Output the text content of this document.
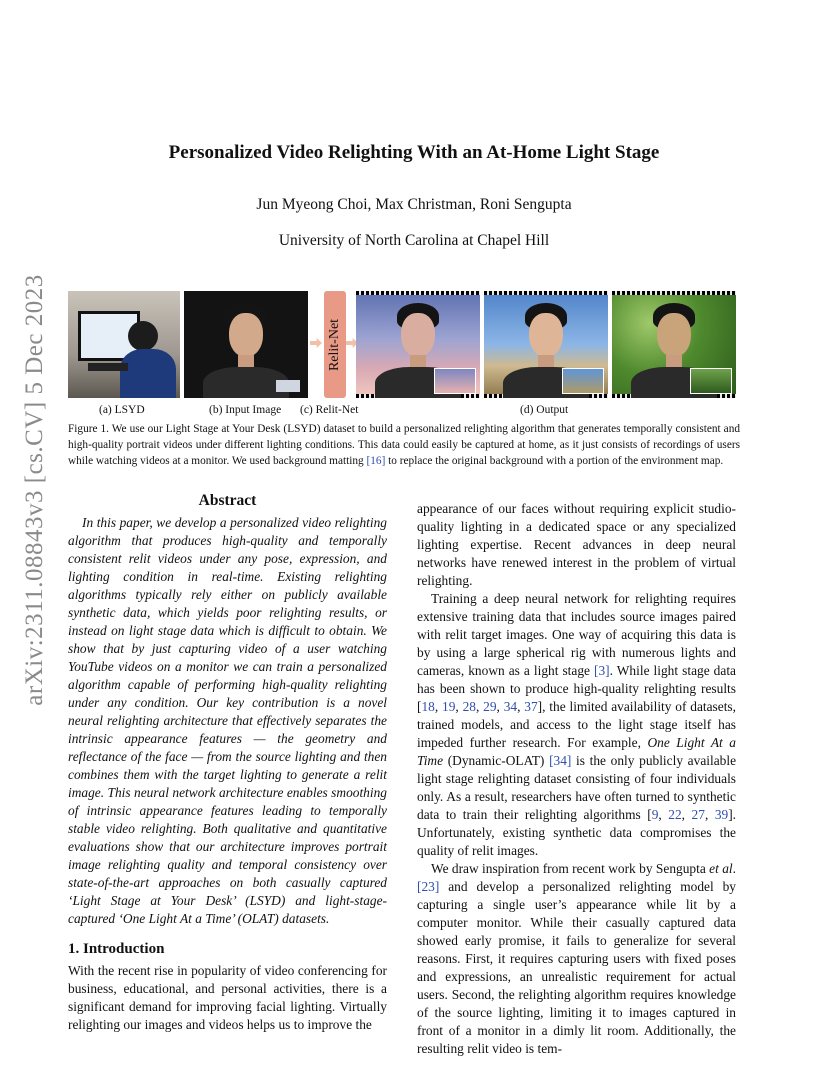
arXiv:2311.08843v3 [cs.CV] 5 Dec 2023
Personalized Video Relighting With an At-Home Light Stage
Jun Myeong Choi, Max Christman, Roni Sengupta
University of North Carolina at Chapel Hill
Relit-Net
(a) LSYD	(b) Input Image (c) Relit-Net	(d) Output
Figure 1. We use our Light Stage at Your Desk (LSYD) dataset to build a personalized relighting algorithm that generates temporally consistent and high-quality portrait videos under different lighting conditions. This data could easily be captured at home, as it just consists of recordings of users while watching videos at a monitor. We used background matting [16] to replace the original background with a portion of the environment map.
Abstract

In this paper, we develop a personalized video relighting algorithm that produces high-quality and temporally consistent relit videos under any pose, expression, and lighting condition in real-time. Existing relighting algorithms typically rely either on publicly available synthetic data, which yields poor relighting results, or instead on light stage data which is difficult to obtain. We show that by just capturing video of a user watching YouTube videos on a monitor we can train a personalized algorithm capable of performing high-quality relighting under any condition. Our key contribution is a novel neural relighting architecture that effectively separates the intrinsic appearance features — the geometry and reflectance of the face — from the source lighting and then combines them with the target lighting to generate a relit image. This neural network architecture enables smoothing of intrinsic appearance features leading to temporally stable video relighting. Both qualitative and quantitative evaluations show that our architecture improves portrait image relighting quality and temporal consistency over state-of-the-art approaches on both casually captured ‘Light Stage at Your Desk’ (LSYD) and light-stage-captured ‘One Light At a Time’ (OLAT) datasets.

1. Introduction

With the recent rise in popularity of video conferencing for business, educational, and personal activities, there is a significant demand for improving facial lighting. Virtually relighting our images and videos helps us to improve the

appearance of our faces without requiring explicit studio-quality lighting in a dedicated space or any specialized lighting expertise. Recent advances in deep neural networks have renewed interest in the problem of virtual relighting.

Training a deep neural network for relighting requires extensive training data that includes source images paired with relit target images. One way of acquiring this data is by using a large spherical rig with numerous lights and cameras, known as a light stage [3]. While light stage data has been shown to produce high-quality relighting results [18, 19, 28, 29, 34, 37], the limited availability of datasets, trained models, and access to the light stage itself has impeded further research. For example, One Light At a Time (Dynamic-OLAT) [34] is the only publicly available light stage relighting dataset consisting of four individuals only. As a result, researchers have often turned to synthetic data to train their relighting algorithms [9, 22, 27, 39]. Unfortunately, existing synthetic data compromises the quality of relit images.

We draw inspiration from recent work by Sengupta et al. [23] and develop a personalized relighting model by capturing a single user’s appearance while lit by a computer monitor. While their casually captured data showed early promise, it fails to generalize for several reasons. First, it requires capturing users with fixed poses and expressions, an unrealistic requirement for actual users. Second, the relighting algorithm requires knowledge of the source lighting, limiting it to images captured in front of a monitor in a dimly lit room. Additionally, the resulting relit video is tem-
